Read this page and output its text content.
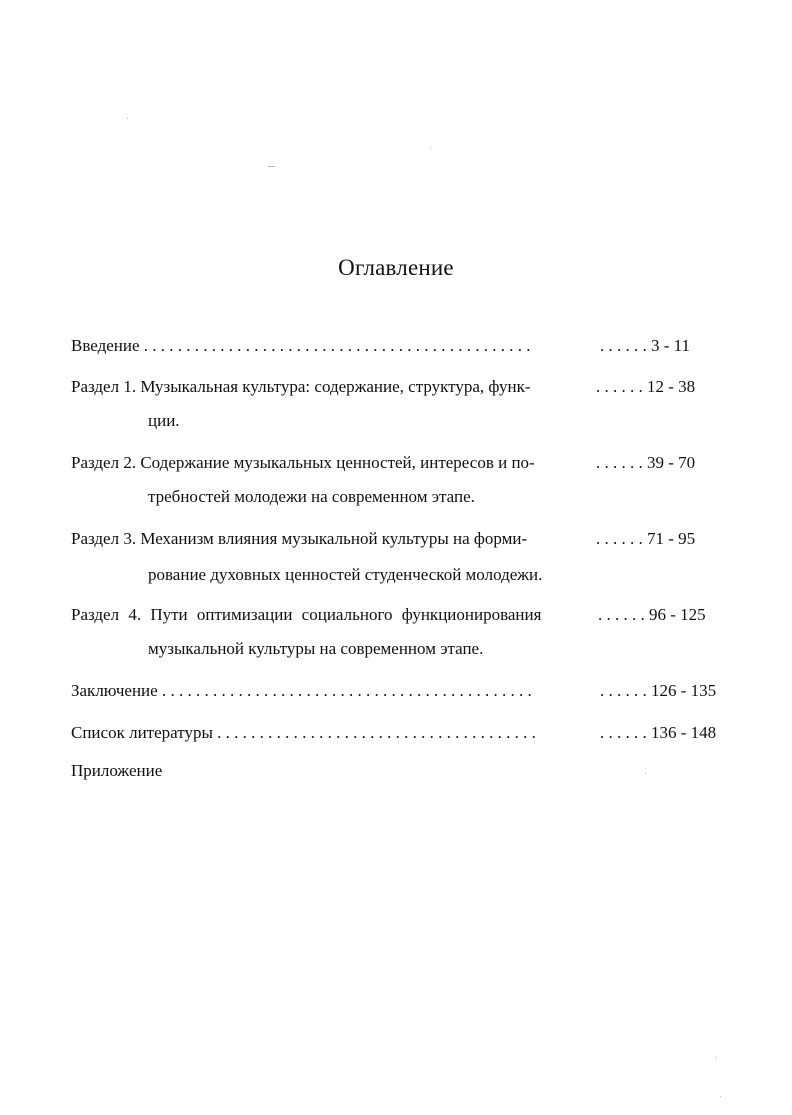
Оглавление
Введение . . . . . . . . . . . . . . . . . . . . . . . . . . . . . . . . . . . . . . . . . . . . . .	. . . . . . 3 - 11
Раздел 1. Музыкальная культура: содержание, структура, функ-	. . . . . . 12 - 38
ции.
Раздел 2. Содержание музыкальных ценностей, интересов и по-	. . . . . . 39 - 70
требностей молодежи на современном этапе.
Раздел 3. Механизм влияния музыкальной культуры на форми-	. . . . . . 71 - 95
рование духовных ценностей студенческой молодежи.
Раздел 4. Пути оптимизации социального функционирования	. . . . . . 96 - 125
музыкальной культуры на современном этапе.
Заключение . . . . . . . . . . . . . . . . . . . . . . . . . . . . . . . . . . . . . . . . . . . .	. . . . . . 126 - 135
Список литературы . . . . . . . . . . . . . . . . . . . . . . . . . . . . . . . . . . . . . .	. . . . . . 136 - 148
Приложение
